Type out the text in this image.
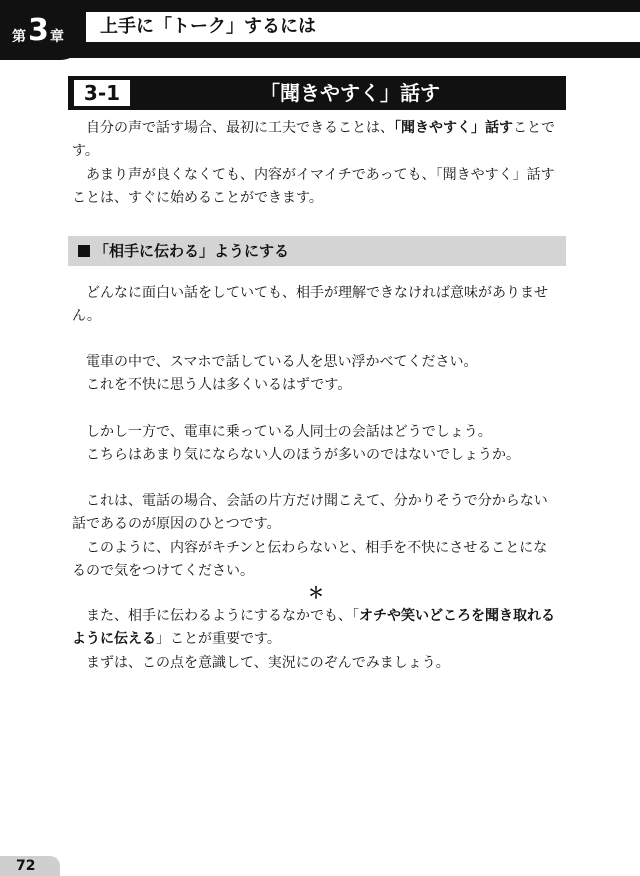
第 3 章 上手に「トーク」するには
3-1	「聞きやすく」話す
　自分の声で話す場合、最初に工夫できることは、「聞きやすく」話すことで
す。
　あまり声が良くなくても、内容がイマイチであっても、「聞きやすく」話す
ことは、すぐに始めることができます。
「相手に伝わる」ようにする
　どんなに面白い話をしていても、相手が理解できなければ意味がありませ
ん。
　電車の中で、スマホで話している人を思い浮かべてください。
　これを不快に思う人は多くいるはずです。
　しかし一方で、電車に乗っている人同士の会話はどうでしょう。
　こちらはあまり気にならない人のほうが多いのではないでしょうか。
　これは、電話の場合、会話の片方だけ聞こえて、分かりそうで分からない
話であるのが原因のひとつです。
　このように、内容がキチンと伝わらないと、相手を不快にさせることにな
るので気をつけてください。
＊
　また、相手に伝わるようにするなかでも、「オチや笑いどころを聞き取れる
ように伝える」ことが重要です。
　まずは、この点を意識して、実況にのぞんでみましょう。
72
